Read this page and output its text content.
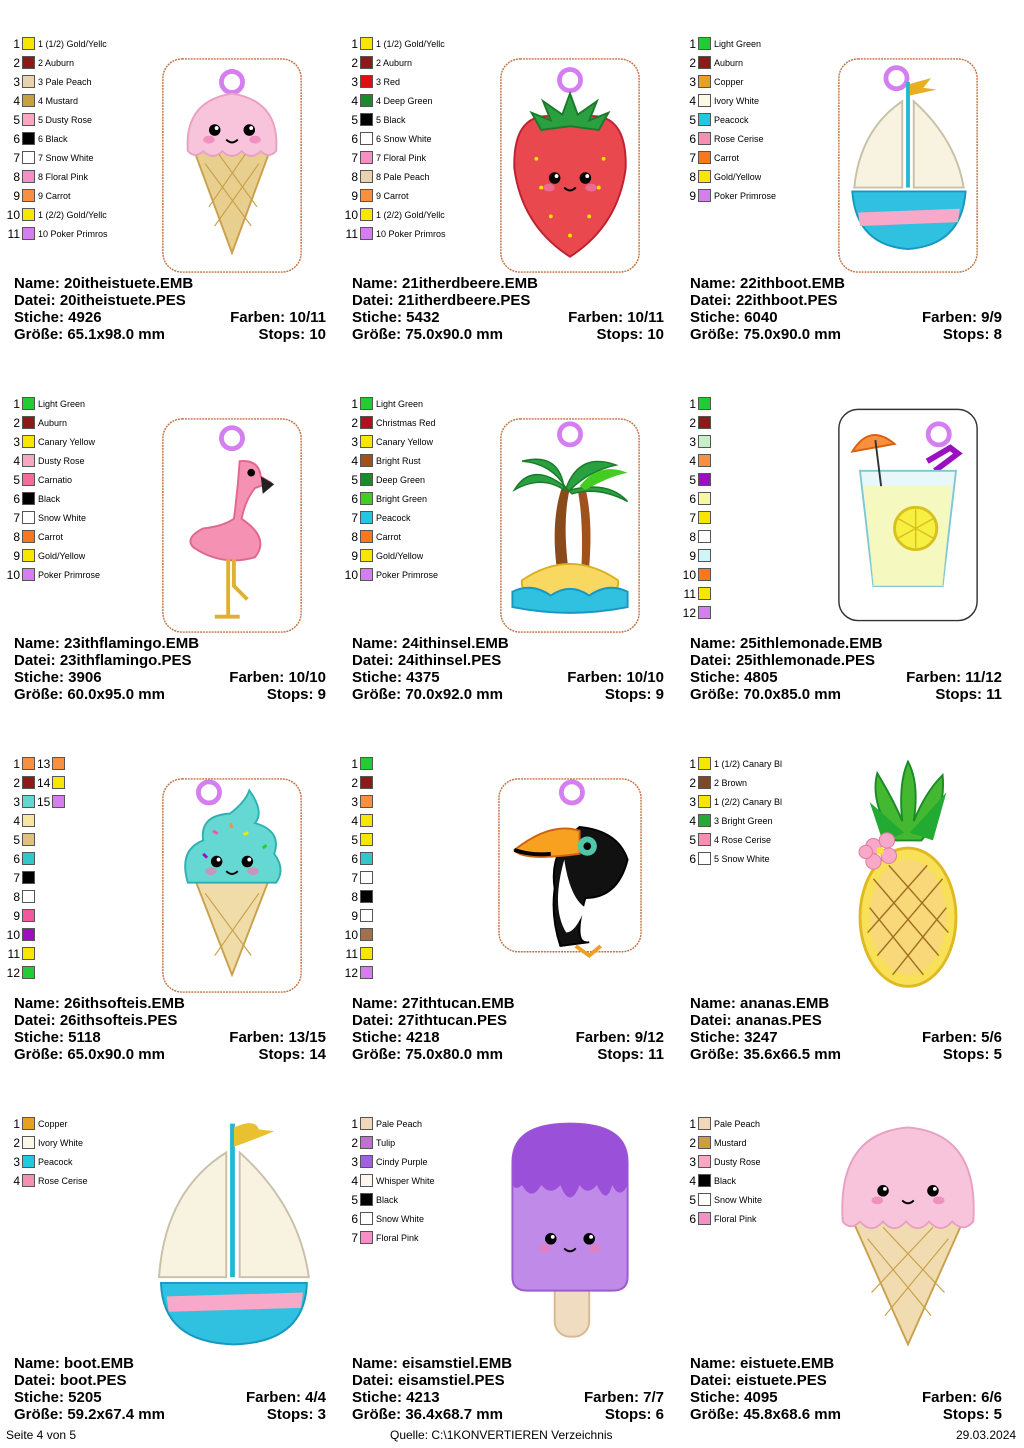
1 1 (1/2) Gold/Yellc
2 2 Auburn
3 3 Pale Peach
4 4 Mustard
5 5 Dusty Rose
6 6 Black
7 7 Snow White
8 8 Floral Pink
9 9 Carrot
10 1 (2/2) Gold/Yellc
11 10 Poker Primros
Name: 20itheistuete.EMB
Datei: 20itheistuete.PES
Stiche: 4926	Farben: 10/11
Größe: 65.1x98.0 mm	Stops: 10
1 1 (1/2) Gold/Yellc
2 2 Auburn
3 3 Red
4 4 Deep Green
5 5 Black
6 6 Snow White
7 7 Floral Pink
8 8 Pale Peach
9 9 Carrot
10 1 (2/2) Gold/Yellc
11 10 Poker Primros
Name: 21itherdbeere.EMB
Datei: 21itherdbeere.PES
Stiche: 5432	Farben: 10/11
Größe: 75.0x90.0 mm	Stops: 10
1 Light Green
2 Auburn
3 Copper
4 Ivory White
5 Peacock
6 Rose Cerise
7 Carrot
8 Gold/Yellow
9 Poker Primrose
Name: 22ithboot.EMB
Datei: 22ithboot.PES
Stiche: 6040	Farben: 9/9
Größe: 75.0x90.0 mm	Stops: 8
1 Light Green
2 Auburn
3 Canary Yellow
4 Dusty Rose
5 Carnatio
6 Black
7 Snow White
8 Carrot
9 Gold/Yellow
10 Poker Primrose
Name: 23ithflamingo.EMB
Datei: 23ithflamingo.PES
Stiche: 3906	Farben: 10/10
Größe: 60.0x95.0 mm	Stops: 9
1 Light Green
2 Christmas Red
3 Canary Yellow
4 Bright Rust
5 Deep Green
6 Bright Green
7 Peacock
8 Carrot
9 Gold/Yellow
10 Poker Primrose
Name: 24ithinsel.EMB
Datei: 24ithinsel.PES
Stiche: 4375	Farben: 10/10
Größe: 70.0x92.0 mm	Stops: 9
1
2
3
4
5
6
7
8
9
10
11
12
Name: 25ithlemonade.EMB
Datei: 25ithlemonade.PES
Stiche: 4805	Farben: 11/12
Größe: 70.0x85.0 mm	Stops: 11
1 13
2 14
3 15
4
5
6
7
8
9
10
11
12
Name: 26ithsofteis.EMB
Datei: 26ithsofteis.PES
Stiche: 5118	Farben: 13/15
Größe: 65.0x90.0 mm	Stops: 14
1
2
3
4
5
6
7
8
9
10
11
12
Name: 27ithtucan.EMB
Datei: 27ithtucan.PES
Stiche: 4218	Farben: 9/12
Größe: 75.0x80.0 mm	Stops: 11
1 1 (1/2) Canary Bl
2 2 Brown
3 1 (2/2) Canary Bl
4 3 Bright Green
5 4 Rose Cerise
6 5 Snow White
Name: ananas.EMB
Datei: ananas.PES
Stiche: 3247	Farben: 5/6
Größe: 35.6x66.5 mm	Stops: 5
1 Copper
2 Ivory White
3 Peacock
4 Rose Cerise
Name: boot.EMB
Datei: boot.PES
Stiche: 5205	Farben: 4/4
Größe: 59.2x67.4 mm	Stops: 3
1 Pale Peach
2 Tulip
3 Cindy Purple
4 Whisper White
5 Black
6 Snow White
7 Floral Pink
Name: eisamstiel.EMB
Datei: eisamstiel.PES
Stiche: 4213	Farben: 7/7
Größe: 36.4x68.7 mm	Stops: 6
1 Pale Peach
2 Mustard
3 Dusty Rose
4 Black
5 Snow White
6 Floral Pink
Name: eistuete.EMB
Datei: eistuete.PES
Stiche: 4095	Farben: 6/6
Größe: 45.8x68.6 mm	Stops: 5
Seite 4 von 5	Quelle: C:\1KONVERTIEREN Verzeichnis	29.03.2024
